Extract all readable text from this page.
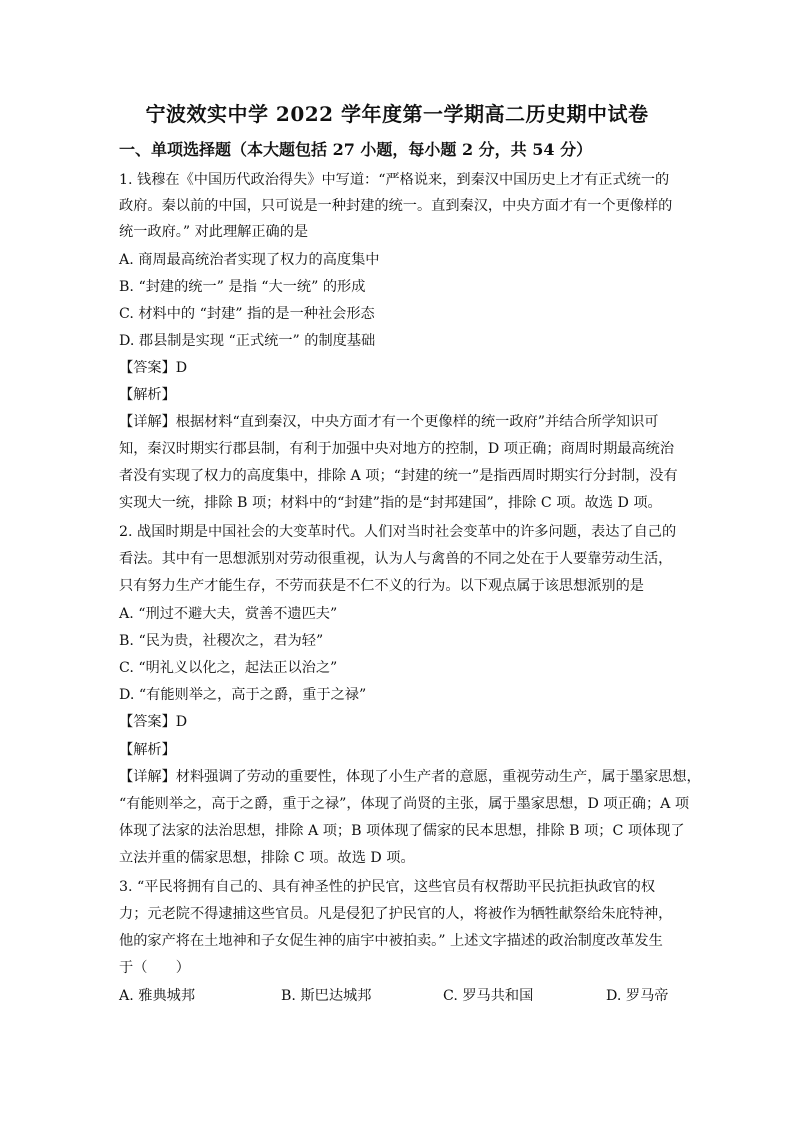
宁波效实中学 2022 学年度第一学期高二历史期中试卷
一、单项选择题（本大题包括 27 小题，每小题 2 分，共 54 分）
1. 钱穆在《中国历代政治得失》中写道：“严格说来，到秦汉中国历史上才有正式统一的
政府。秦以前的中国，只可说是一种封建的统一。直到秦汉，中央方面才有一个更像样的
统一政府。” 对此理解正确的是
A. 商周最高统治者实现了权力的高度集中
B. “封建的统一” 是指 “大一统” 的形成
C. 材料中的 “封建” 指的是一种社会形态
D. 郡县制是实现 “正式统一” 的制度基础
【答案】D
【解析】
【详解】根据材料“直到秦汉，中央方面才有一个更像样的统一政府”并结合所学知识可
知，秦汉时期实行郡县制，有利于加强中央对地方的控制，D 项正确；商周时期最高统治
者没有实现了权力的高度集中，排除 A 项；“封建的统一”是指西周时期实行分封制，没有
实现大一统，排除 B 项；材料中的“封建”指的是“封邦建国”，排除 C 项。故选 D 项。
2. 战国时期是中国社会的大变革时代。人们对当时社会变革中的许多问题，表达了自己的
看法。其中有一思想派别对劳动很重视，认为人与禽兽的不同之处在于人要靠劳动生活，
只有努力生产才能生存，不劳而获是不仁不义的行为。以下观点属于该思想派别的是
A. “刑过不避大夫，赏善不遗匹夫”
B. “民为贵，社稷次之，君为轻”
C. “明礼义以化之，起法正以治之”
D. “有能则举之，高于之爵，重于之禄”
【答案】D
【解析】
【详解】材料强调了劳动的重要性，体现了小生产者的意愿，重视劳动生产，属于墨家思想，
“有能则举之，高于之爵，重于之禄”，体现了尚贤的主张，属于墨家思想，D 项正确；A 项
体现了法家的法治思想，排除 A 项；B 项体现了儒家的民本思想，排除 B 项；C 项体现了
立法并重的儒家思想，排除 C 项。故选 D 项。
3. “平民将拥有自己的、具有神圣性的护民官，这些官员有权帮助平民抗拒执政官的权
力；元老院不得逮捕这些官员。凡是侵犯了护民官的人，将被作为牺牲献祭给朱庇特神，
他的家产将在土地神和子女促生神的庙宇中被拍卖。” 上述文字描述的政治制度改革发生
于（　　）
A. 雅典城邦	B. 斯巴达城邦	C. 罗马共和国	D. 罗马帝
